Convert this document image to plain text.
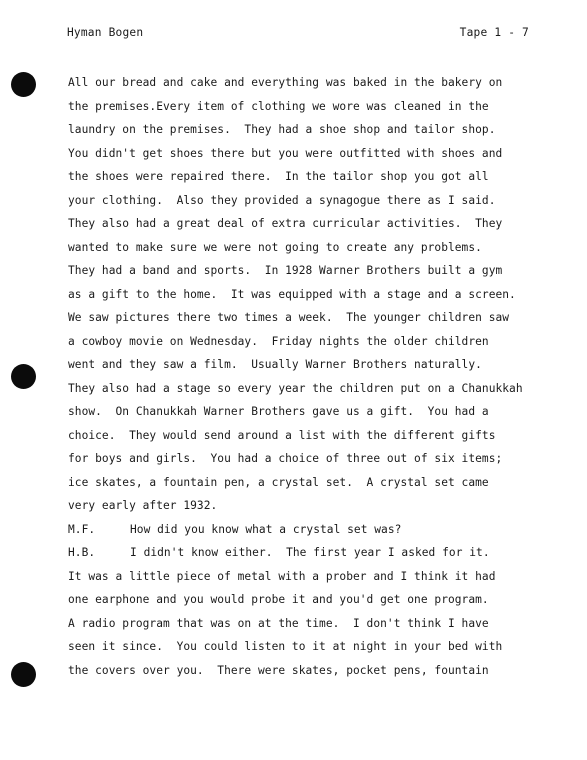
Hyman Bogen	Tape 1 - 7
All our bread and cake and everything was baked in the bakery on
the premises.Every item of clothing we wore was cleaned in the
laundry on the premises.  They had a shoe shop and tailor shop.
You didn't get shoes there but you were outfitted with shoes and
the shoes were repaired there.  In the tailor shop you got all
your clothing.  Also they provided a synagogue there as I said.
They also had a great deal of extra curricular activities.  They
wanted to make sure we were not going to create any problems.
They had a band and sports.  In 1928 Warner Brothers built a gym
as a gift to the home.  It was equipped with a stage and a screen.
We saw pictures there two times a week.  The younger children saw
a cowboy movie on Wednesday.  Friday nights the older children
went and they saw a film.  Usually Warner Brothers naturally.
They also had a stage so every year the children put on a Chanukkah
show.  On Chanukkah Warner Brothers gave us a gift.  You had a
choice.  They would send around a list with the different gifts
for boys and girls.  You had a choice of three out of six items;
ice skates, a fountain pen, a crystal set.  A crystal set came
very early after 1932.
M.F.	How did you know what a crystal set was?
H.B.	I didn't know either.  The first year I asked for it.
It was a little piece of metal with a prober and I think it had
one earphone and you would probe it and you'd get one program.
A radio program that was on at the time.  I don't think I have
seen it since.  You could listen to it at night in your bed with
the covers over you.  There were skates, pocket pens, fountain
